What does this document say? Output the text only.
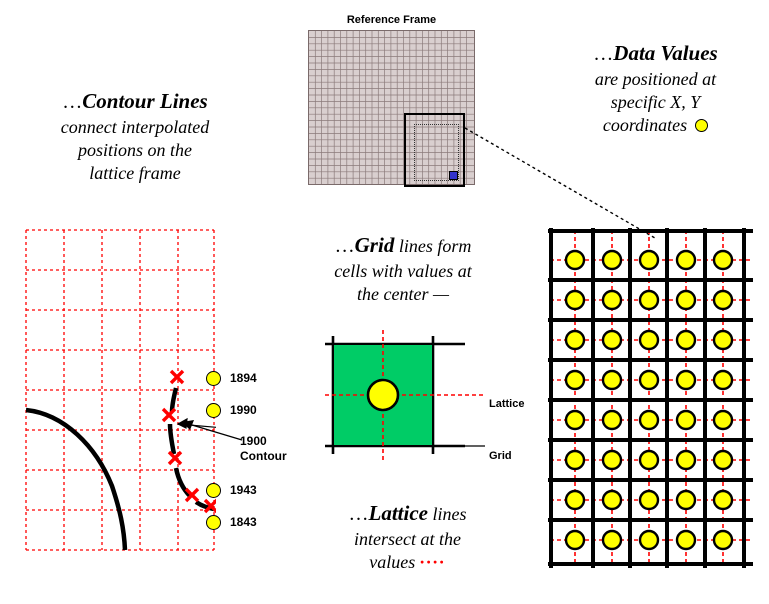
Reference Frame
…Contour Lines
connect interpolated
positions on the
lattice frame
…Data Values
are positioned at
specific X, Y
coordinates
…Grid lines form
cells with values at
the center —
…Lattice lines
intersect at the
values ····
1900
Contour
1894
1990
1943
1843
Lattice
Grid
